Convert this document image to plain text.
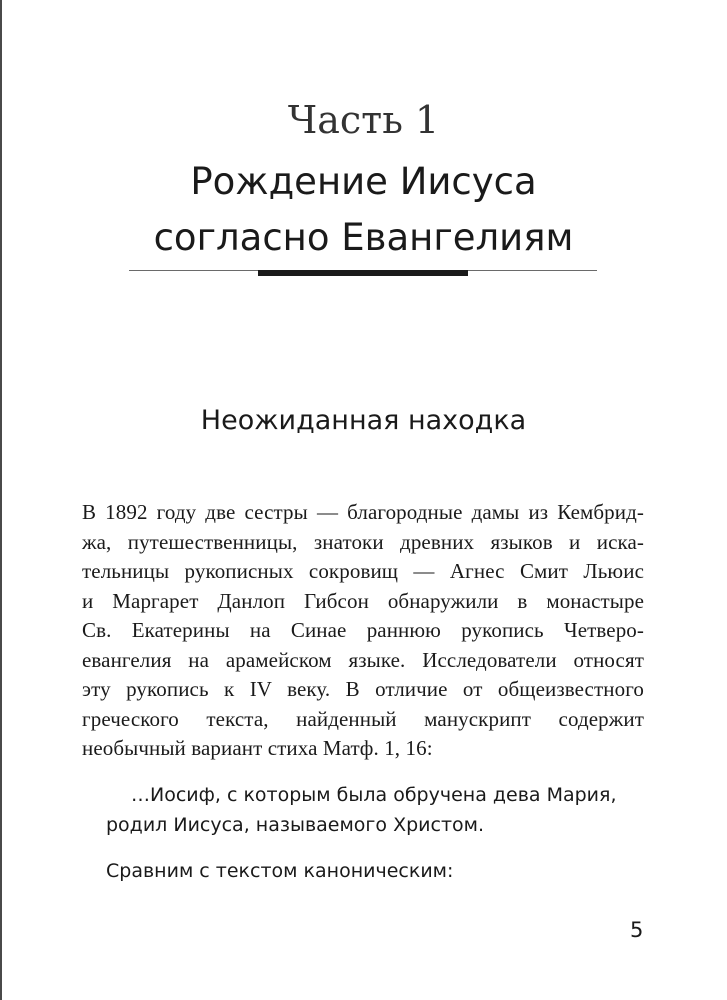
Часть 1
Рождение Иисуса
согласно Евангелиям
Неожиданная находка
В 1892 году две сестры — благородные дамы из Кембрид-
жа, путешественницы, знатоки древних языков и иска-
тельницы рукописных сокровищ — Агнес Смит Льюис
и Маргарет Данлоп Гибсон обнаружили в монастыре
Св. Екатерины на Синае раннюю рукопись Четверо-
евангелия на арамейском языке. Исследователи относят
эту рукопись к IV веку. В отличие от общеизвестного
греческого текста, найденный манускрипт содержит
необычный вариант стиха Матф. 1, 16:
…Иосиф, с которым была обручена дева Мария,
родил Иисуса, называемого Христом.
Сравним с текстом каноническим:
5
